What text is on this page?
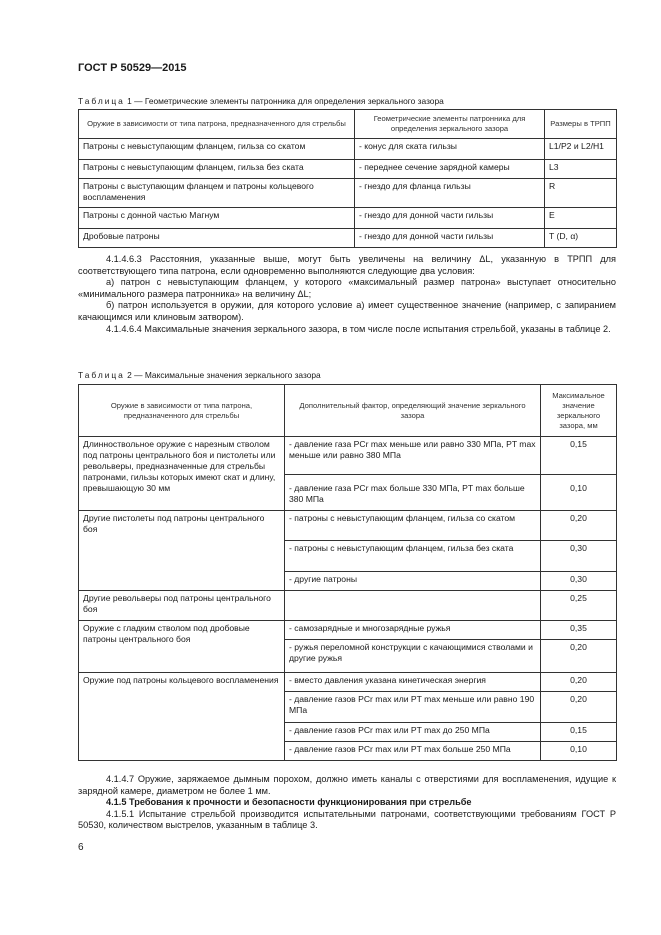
ГОСТ Р 50529—2015
Таблица 1 — Геометрические элементы патронника для определения зеркального зазора
Оружие в зависимости от типа патрона, предназначенного для стрельбы	Геометрические элементы патронника для определения зеркального зазора	Размеры в ТРПП
Патроны с невыступающим фланцем, гильза со скатом	- конус для ската гильзы	L1/P2 и L2/H1
Патроны с невыступающим фланцем, гильза без ската	- переднее сечение зарядной камеры	L3
Патроны с выступающим фланцем и патроны кольцевого воспламенения	- гнездо для фланца гильзы	R
Патроны с донной частью Магнум	- гнездо для донной части гильзы	E
Дробовые патроны	- гнездо для донной части гильзы	T (D, α)
4.1.4.6.3 Расстояния, указанные выше, могут быть увеличены на величину ΔL, указанную в ТРПП для соответствующего типа патрона, если одновременно выполняются следующие два условия:
а) патрон с невыступающим фланцем, у которого «максимальный размер патрона» выступает относительно «минимального размера патронника» на величину ΔL;
б) патрон используется в оружии, для которого условие а) имеет существенное значение (например, с запиранием качающимся или клиновым затвором).
4.1.4.6.4 Максимальные значения зеркального зазора, в том числе после испытания стрельбой, указаны в таблице 2.
Таблица 2 — Максимальные значения зеркального зазора
Оружие в зависимости от типа патрона, предназначенного для стрельбы	Дополнительный фактор, определяющий значение зеркального зазора	Максимальное значение зеркального зазора, мм
Длинноствольное оружие с нарезным стволом под патроны центрального боя и пистолеты или револьверы, предназначенные для стрельбы патронами, гильзы которых имеют скат и длину, превышающую 30 мм	- давление газа PCr max меньше или равно 330 МПа, PT max меньше или равно 380 МПа	0,15
	- давление газа PCr max больше 330 МПа, PT max больше 380 МПа	0,10
Другие пистолеты под патроны центрального боя	- патроны с невыступающим фланцем, гильза со скатом	0,20
	- патроны с невыступающим фланцем, гильза без ската	0,30
	- другие патроны	0,30
Другие револьверы под патроны центрального боя		0,25
Оружие с гладким стволом под дробовые патроны центрального боя	- самозарядные и многозарядные ружья	0,35
	- ружья переломной конструкции с качающимися стволами и другие ружья	0,20
Оружие под патроны кольцевого воспламенения	- вместо давления указана кинетическая энергия	0,20
	- давление газов PCr max или PT max меньше или равно 190 МПа	0,20
	- давление газов PCr max или PT max до 250 МПа	0,15
	- давление газов PCr max или PT max больше 250 МПа	0,10
4.1.4.7 Оружие, заряжаемое дымным порохом, должно иметь каналы с отверстиями для воспламенения, идущие к зарядной камере, диаметром не более 1 мм.
4.1.5 Требования к прочности и безопасности функционирования при стрельбе
4.1.5.1 Испытание стрельбой производится испытательными патронами, соответствующими требованиям ГОСТ Р 50530, количеством выстрелов, указанным в таблице 3.
6
